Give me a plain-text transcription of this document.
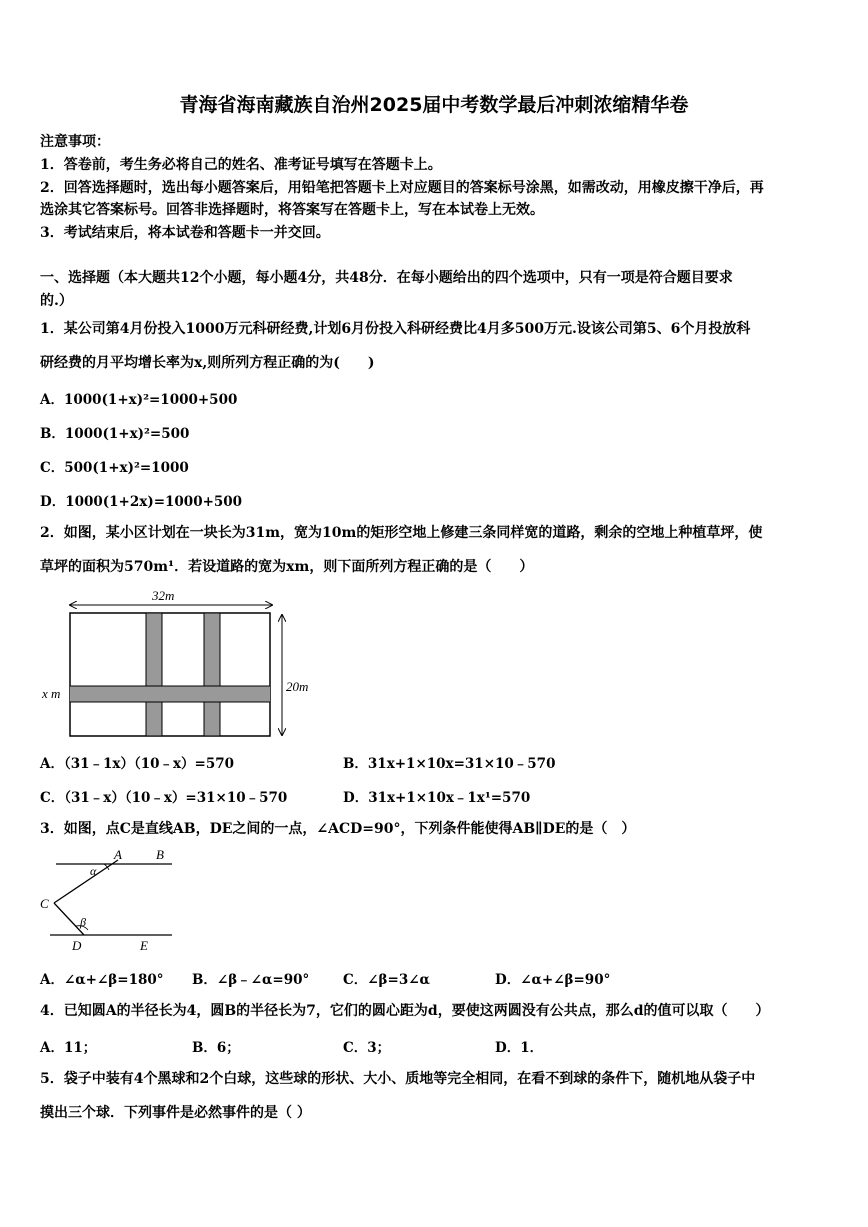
青海省海南藏族自治州2025届中考数学最后冲刺浓缩精华卷
注意事项：
1．答卷前，考生务必将自己的姓名、准考证号填写在答题卡上。
2．回答选择题时，选出每小题答案后，用铅笔把答题卡上对应题目的答案标号涂黑，如需改动，用橡皮擦干净后，再
选涂其它答案标号。回答非选择题时，将答案写在答题卡上，写在本试卷上无效。
3．考试结束后，将本试卷和答题卡一并交回。
一、选择题（本大题共12个小题，每小题4分，共48分．在每小题给出的四个选项中，只有一项是符合题目要求
的.）
1．某公司第4月份投入1000万元科研经费,计划6月份投入科研经费比4月多500万元.设该公司第5、6个月投放科
研经费的月平均增长率为x,则所列方程正确的为(　　)
A．1000(1+x)²=1000+500
B．1000(1+x)²=500
C．500(1+x)²=1000
D．1000(1+2x)=1000+500
2．如图，某小区计划在一块长为31m，宽为10m的矩形空地上修建三条同样宽的道路，剩余的空地上种植草坪，使
草坪的面积为570m¹．若设道路的宽为xm，则下面所列方程正确的是（　　）
32m
20m
x m
A．（31﹣1x）（10﹣x）=570	B．31x+1×10x=31×10﹣570
C．（31﹣x）（10﹣x）=31×10﹣570	D．31x+1×10x﹣1x¹=570
3．如图，点C是直线AB，DE之间的一点，∠ACD=90°，下列条件能使得AB∥DE的是（　）
α
A	B
C
β
D	E
A．∠α+∠β=180° B．∠β﹣∠α=90°	C．∠β=3∠α	D．∠α+∠β=90°
4．已知圆A的半径长为4，圆B的半径长为7，它们的圆心距为d，要使这两圆没有公共点，那么d的值可以取（　　）
A．11；	B．6；	C．3；	D．1．
5．袋子中装有4个黑球和2个白球，这些球的形状、大小、质地等完全相同，在看不到球的条件下，随机地从袋子中
摸出三个球．下列事件是必然事件的是（ ）
